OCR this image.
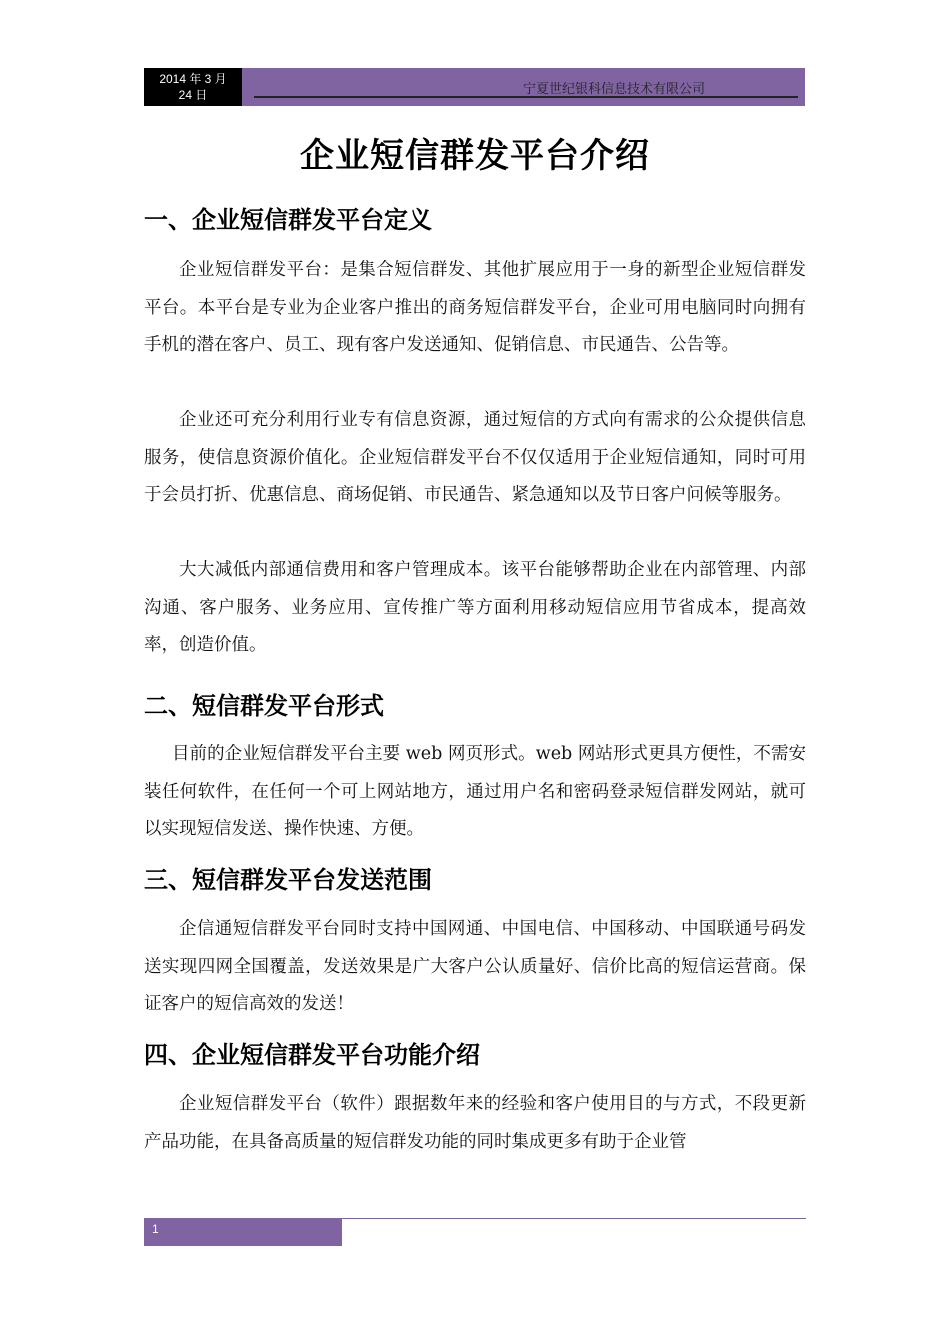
2014 年 3 月
24 日	宁夏世纪银科信息技术有限公司
企业短信群发平台介绍
一、企业短信群发平台定义

企业短信群发平台：是集合短信群发、其他扩展应用于一身的新型企业短信群发平台。本平台是专业为企业客户推出的商务短信群发平台，企业可用电脑同时向拥有手机的潜在客户、员工、现有客户发送通知、促销信息、市民通告、公告等。

企业还可充分利用行业专有信息资源，通过短信的方式向有需求的公众提供信息服务，使信息资源价值化。企业短信群发平台不仅仅适用于企业短信通知，同时可用于会员打折、优惠信息、商场促销、市民通告、紧急通知以及节日客户问候等服务。

大大减低内部通信费用和客户管理成本。该平台能够帮助企业在内部管理、内部沟通、客户服务、业务应用、宣传推广等方面利用移动短信应用节省成本，提高效率，创造价值。

二、短信群发平台形式

目前的企业短信群发平台主要 web 网页形式。web 网站形式更具方便性，不需安装任何软件，在任何一个可上网站地方，通过用户名和密码登录短信群发网站，就可以实现短信发送、操作快速、方便。

三、短信群发平台发送范围

企信通短信群发平台同时支持中国网通、中国电信、中国移动、中国联通号码发送实现四网全国覆盖，发送效果是广大客户公认质量好、信价比高的短信运营商。保证客户的短信高效的发送！

四、企业短信群发平台功能介绍

企业短信群发平台（软件）跟据数年来的经验和客户使用目的与方式，不段更新产品功能，在具备高质量的短信群发功能的同时集成更多有助于企业管

1
